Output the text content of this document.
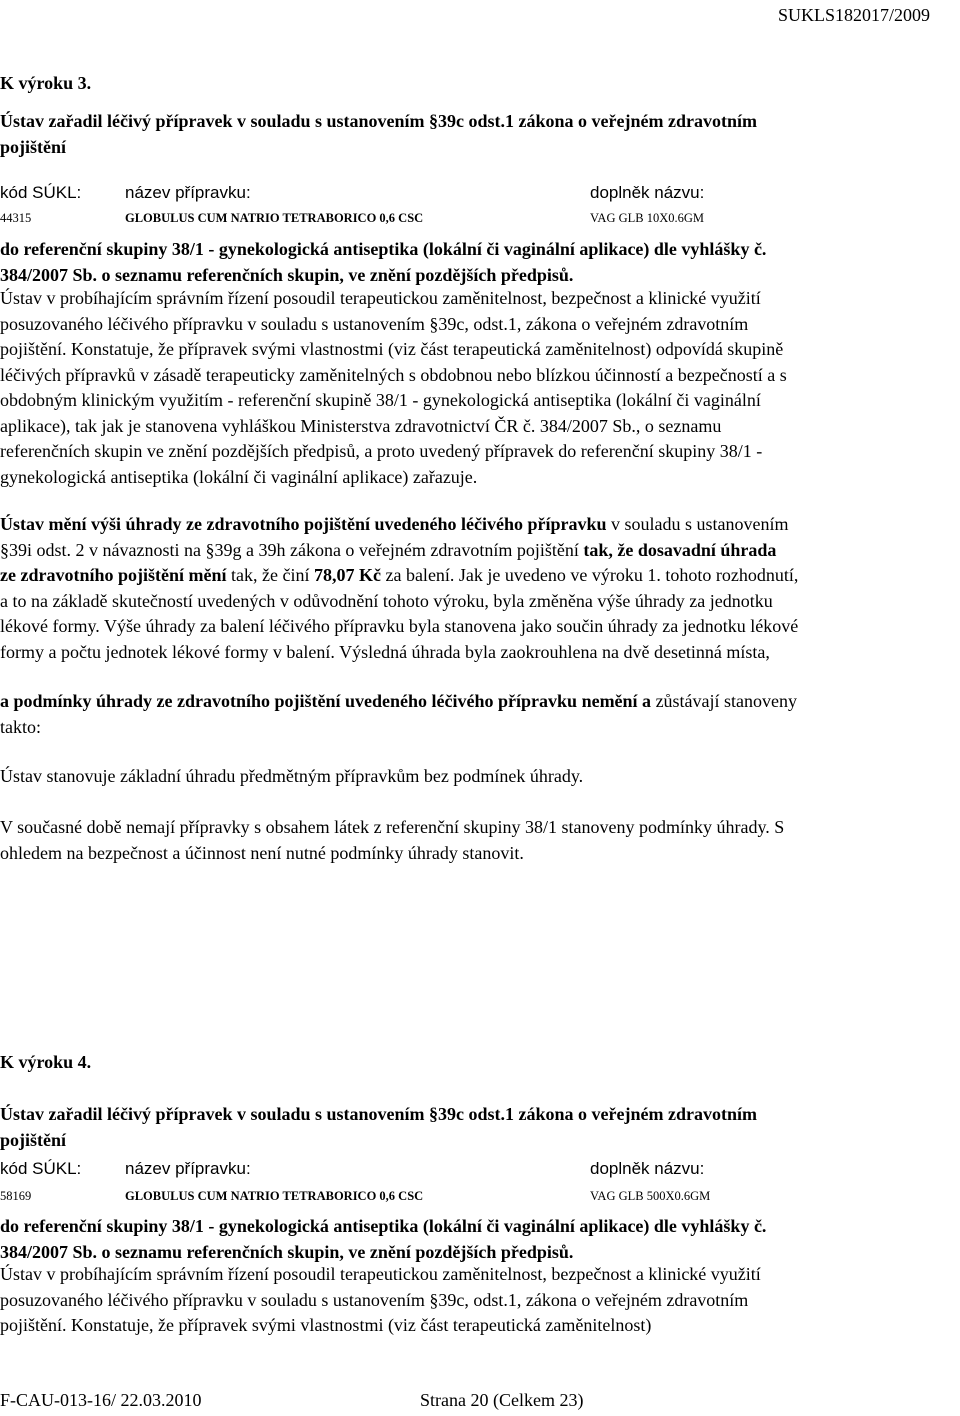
SUKLS182017/2009
K výroku 3.
Ústav zařadil léčivý přípravek v souladu s ustanovením §39c odst.1 zákona o veřejném zdravotním
pojištění
kód SÚKL:	název přípravku:	doplněk názvu:
44315	GLOBULUS CUM NATRIO TETRABORICO 0,6 CSC	VAG GLB 10X0.6GM
do referenční skupiny 38/1 - gynekologická antiseptika (lokální či vaginální aplikace) dle vyhlášky č.
384/2007 Sb. o seznamu referenčních skupin, ve znění pozdějších předpisů.
Ústav v probíhajícím správním řízení posoudil terapeutickou zaměnitelnost, bezpečnost a klinické využití
posuzovaného léčivého přípravku v souladu s ustanovením §39c, odst.1, zákona o veřejném zdravotním
pojištění. Konstatuje, že přípravek svými vlastnostmi (viz část terapeutická zaměnitelnost) odpovídá skupině
léčivých přípravků v zásadě terapeuticky zaměnitelných s obdobnou nebo blízkou účinností a bezpečností a s
obdobným klinickým využitím - referenční skupině 38/1 - gynekologická antiseptika (lokální či vaginální
aplikace), tak jak je stanovena vyhláškou Ministerstva zdravotnictví ČR č. 384/2007 Sb., o seznamu
referenčních skupin ve znění pozdějších předpisů, a proto uvedený přípravek do referenční skupiny 38/1 -
gynekologická antiseptika (lokální či vaginální aplikace) zařazuje.
Ústav mění výši úhrady ze zdravotního pojištění uvedeného léčivého přípravku v souladu s ustanovením
§39i odst. 2 v návaznosti na §39g a 39h zákona o veřejném zdravotním pojištění tak, že dosavadní úhrada
ze zdravotního pojištění mění tak, že činí 78,07 Kč za balení. Jak je uvedeno ve výroku 1. tohoto rozhodnutí,
a to na základě skutečností uvedených v odůvodnění tohoto výroku, byla změněna výše úhrady za jednotku
lékové formy. Výše úhrady za balení léčivého přípravku byla stanovena jako součin úhrady za jednotku lékové
formy a počtu jednotek lékové formy v balení. Výsledná úhrada byla zaokrouhlena na dvě desetinná místa,
a podmínky úhrady ze zdravotního pojištění uvedeného léčivého přípravku nemění a zůstávají stanoveny
takto:
Ústav stanovuje základní úhradu předmětným přípravkům bez podmínek úhrady.
V současné době nemají přípravky s obsahem látek z referenční skupiny 38/1 stanoveny podmínky úhrady. S
ohledem na bezpečnost a účinnost není nutné podmínky úhrady stanovit.
K výroku 4.
Ústav zařadil léčivý přípravek v souladu s ustanovením §39c odst.1 zákona o veřejném zdravotním
pojištění
kód SÚKL:	název přípravku:	doplněk názvu:
58169	GLOBULUS CUM NATRIO TETRABORICO 0,6 CSC	VAG GLB 500X0.6GM
do referenční skupiny 38/1 - gynekologická antiseptika (lokální či vaginální aplikace) dle vyhlášky č.
384/2007 Sb. o seznamu referenčních skupin, ve znění pozdějších předpisů.
Ústav v probíhajícím správním řízení posoudil terapeutickou zaměnitelnost, bezpečnost a klinické využití
posuzovaného léčivého přípravku v souladu s ustanovením §39c, odst.1, zákona o veřejném zdravotním
pojištění. Konstatuje, že přípravek svými vlastnostmi (viz část terapeutická zaměnitelnost)
F-CAU-013-16/ 22.03.2010	Strana 20 (Celkem 23)
